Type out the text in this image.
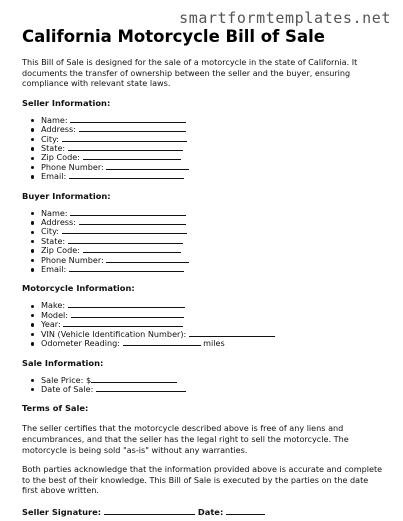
smartformtemplates.net
California Motorcycle Bill of Sale
This Bill of Sale is designed for the sale of a motorcycle in the state of California. It documents the transfer of ownership between the seller and the buyer, ensuring compliance with relevant state laws.
Seller Information:
Name:
Address:
City:
State:
Zip Code:
Phone Number:
Email:
Buyer Information:
Name:
Address:
City:
State:
Zip Code:
Phone Number:
Email:
Motorcycle Information:
Make:
Model:
Year:
VIN (Vehicle Identification Number):
Odometer Reading:	miles
Sale Information:
Sale Price: $
Date of Sale:
Terms of Sale:

The seller certifies that the motorcycle described above is free of any liens and encumbrances, and that the seller has the legal right to sell the motorcycle. The motorcycle is being sold "as-is" without any warranties.

Both parties acknowledge that the information provided above is accurate and complete to the best of their knowledge. This Bill of Sale is executed by the parties on the date first above written.

Seller Signature:	Date:
